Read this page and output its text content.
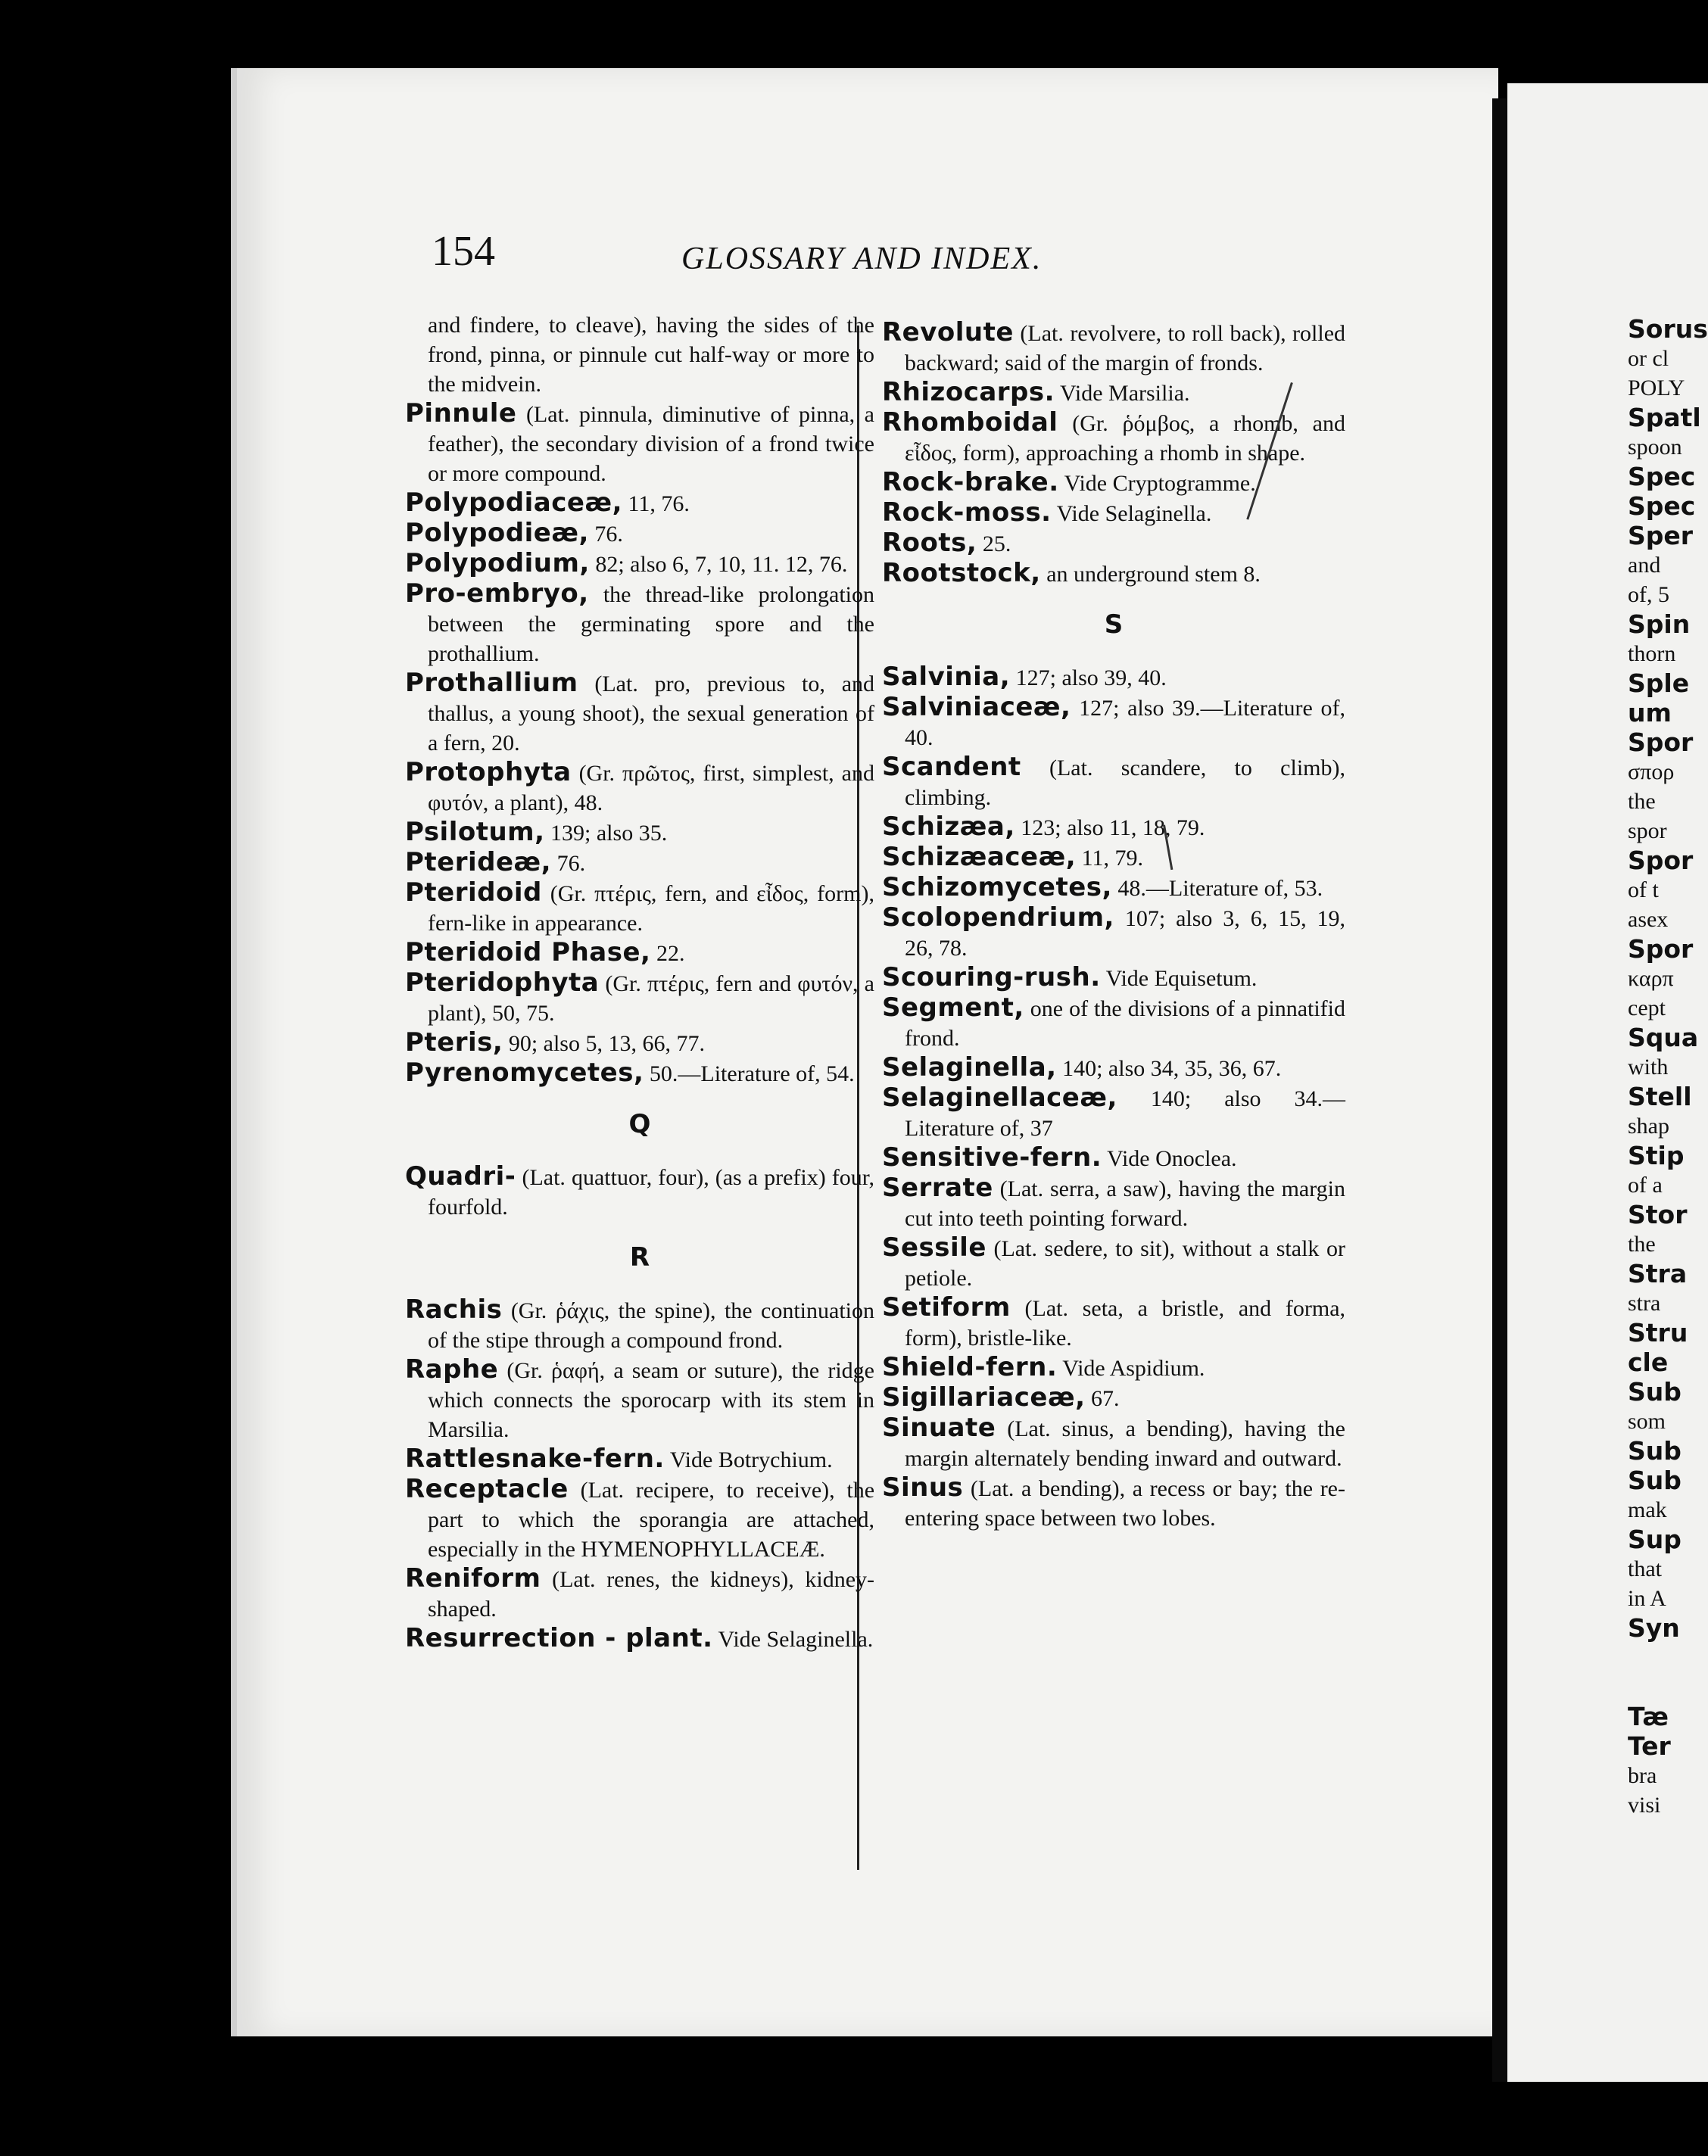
154	GLOSSARY AND INDEX.
and findere, to cleave), having the sides of the frond, pinna, or pinnule cut half-way or more to the midvein.
Pinnule (Lat. pinnula, diminutive of pinna, a feather), the secondary division of a frond twice or more compound.
Polypodiaceæ, 11, 76.
Polypodieæ, 76.
Polypodium, 82; also 6, 7, 10, 11. 12, 76.
Pro-embryo, the thread-like prolongation between the germinating spore and the prothallium.
Prothallium (Lat. pro, previous to, and thallus, a young shoot), the sexual generation of a fern, 20.
Protophyta (Gr. πρῶτος, first, simplest, and φυτόν, a plant), 48.
Psilotum, 139; also 35.
Pterideæ, 76.
Pteridoid (Gr. πτέρις, fern, and εἶδος, form), fern-like in appearance.
Pteridoid Phase, 22.
Pteridophyta (Gr. πτέρις, fern and φυτόν, a plant), 50, 75.
Pteris, 90; also 5, 13, 66, 77.
Pyrenomycetes, 50.—Literature of, 54.
Q
Quadri- (Lat. quattuor, four), (as a prefix) four, fourfold.
R
Rachis (Gr. ῥάχις, the spine), the continuation of the stipe through a compound frond.
Raphe (Gr. ῥαφή, a seam or suture), the ridge which connects the sporocarp with its stem in Marsilia.
Rattlesnake-fern. Vide Botrychium.
Receptacle (Lat. recipere, to receive), the part to which the sporangia are attached, especially in the HYMENOPHYLLACEÆ.
Reniform (Lat. renes, the kidneys), kidney-shaped.
Resurrection - plant. Vide Selaginella.
Revolute (Lat. revolvere, to roll back), rolled backward; said of the margin of fronds.
Rhizocarps. Vide Marsilia.
Rhomboidal (Gr. ῥόμβος, a rhomb, and εἶδος, form), approaching a rhomb in shape.
Rock-brake. Vide Cryptogramme.
Rock-moss. Vide Selaginella.
Roots, 25.
Rootstock, an underground stem 8.
S
Salvinia, 127; also 39, 40.
Salviniaceæ, 127; also 39.—Literature of, 40.
Scandent (Lat. scandere, to climb), climbing.
Schizæa, 123; also 11, 18, 79.
Schizæaceæ, 11, 79.
Schizomycetes, 48.—Literature of, 53.
Scolopendrium, 107; also 3, 6, 15, 19, 26, 78.
Scouring-rush. Vide Equisetum.
Segment, one of the divisions of a pinnatifid frond.
Selaginella, 140; also 34, 35, 36, 67.
Selaginellaceæ, 140; also 34.—Literature of, 37
Sensitive-fern. Vide Onoclea.
Serrate (Lat. serra, a saw), having the margin cut into teeth pointing forward.
Sessile (Lat. sedere, to sit), without a stalk or petiole.
Setiform (Lat. seta, a bristle, and forma, form), bristle-like.
Shield-fern. Vide Aspidium.
Sigillariaceæ, 67.
Sinuate (Lat. sinus, a bending), having the margin alternately bending inward and outward.
Sinus (Lat. a bending), a recess or bay; the re-entering space between two lobes.
Sorus
or cl
POLY
Spatl
spoon
Spec
Spec
Sper
and
of, 5
Spin
thorn
Sple
um
Spor
σπορ
the
spor
Spor
of t
asex
Spor
καρπ
cept
Squa
with
Stell
shap
Stip
of a
Stor
the
Stra
stra
Stru
cle
Sub
som
Sub
Sub
mak
Sup
that
in A
Syn

Tæ
Ter
bra
visi
